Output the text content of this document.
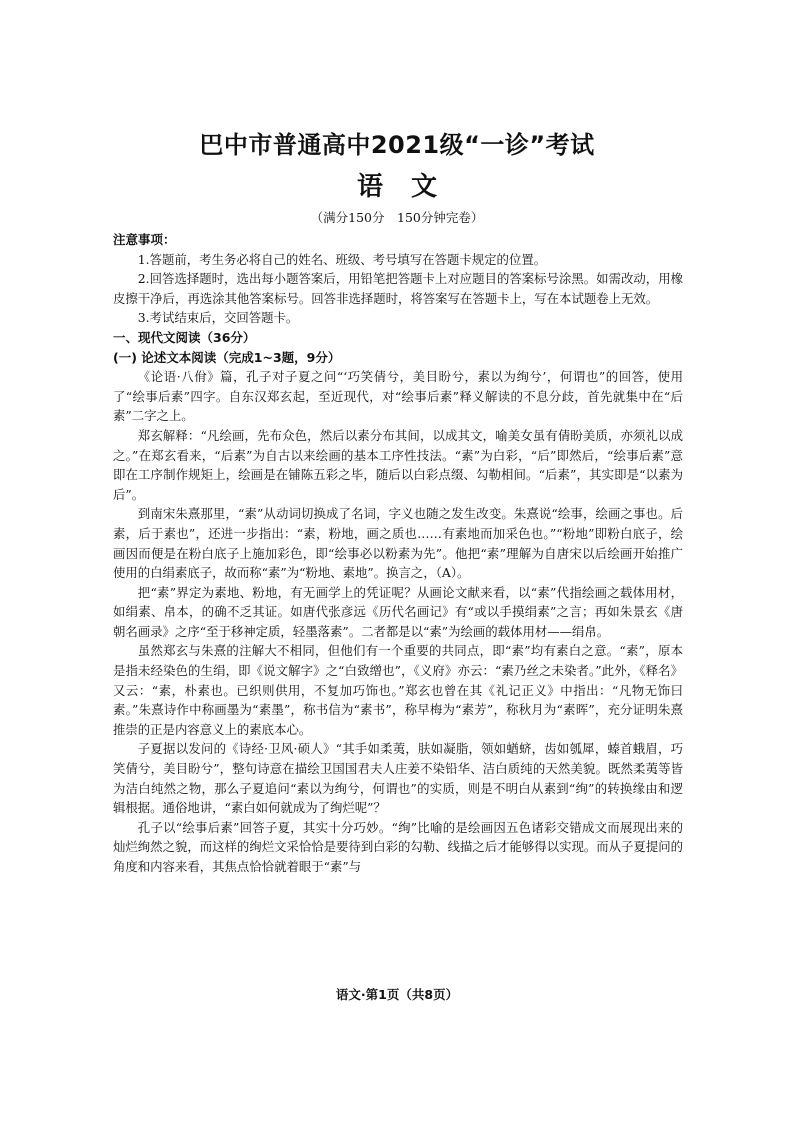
巴中市普通高中2021级“一诊”考试
语文
（满分150分　150分钟完卷）

注意事项：

1.答题前，考生务必将自己的姓名、班级、考号填写在答题卡规定的位置。

2.回答选择题时，选出每小题答案后，用铅笔把答题卡上对应题目的答案标号涂黑。如需改动，用橡皮擦干净后，再选涂其他答案标号。回答非选择题时，将答案写在答题卡上，写在本试题卷上无效。

3.考试结束后，交回答题卡。

一、现代文阅读（36分）

(一) 论述文本阅读（完成1~3题，9分）

《论语·八佾》篇，孔子对子夏之问“‘巧笑倩兮，美目盼兮，素以为绚兮’，何谓也”的回答，使用了“绘事后素”四字。自东汉郑玄起，至近现代，对“绘事后素”释义解读的不息分歧，首先就集中在“后素”二字之上。

郑玄解释：“凡绘画，先布众色，然后以素分布其间，以成其文，喻美女虽有倩盼美质，亦须礼以成之。”在郑玄看来，“后素”为自古以来绘画的基本工序性技法。“素”为白彩，“后”即然后，“绘事后素”意即在工序制作规矩上，绘画是在铺陈五彩之毕，随后以白彩点缀、勾勒相间。“后素”，其实即是“以素为后”。

到南宋朱熹那里，“素”从动词切换成了名词，字义也随之发生改变。朱熹说“绘事，绘画之事也。后素，后于素也”，还进一步指出：“素，粉地，画之质也……有素地而加采色也。”“粉地”即粉白底子，绘画因而便是在粉白底子上施加彩色，即“绘事必以粉素为先”。他把“素”理解为自唐宋以后绘画开始推广使用的白绢素底子，故而称“素”为“粉地、素地”。换言之，（A）。

把“素”界定为素地、粉地，有无画学上的凭证呢？从画论文献来看，以“素”代指绘画之载体用材，如绢素、帛本，的确不乏其证。如唐代张彦远《历代名画记》有“或以手摸绢素”之言；再如朱景玄《唐朝名画录》之序“至于移神定质，轻墨落素”。二者都是以“素”为绘画的载体用材——绢帛。

虽然郑玄与朱熹的注解大不相同，但他们有一个重要的共同点，即“素”均有素白之意。“素”，原本是指未经染色的生绢，即《说文解字》之“白致缯也”，《义府》亦云：“素乃丝之未染者。”此外，《释名》又云：“素，朴素也。已织则供用，不复加巧饰也。”郑玄也曾在其《礼记正义》中指出：“凡物无饰曰素。”朱熹诗作中称画墨为“素墨”，称书信为“素书”，称早梅为“素芳”，称秋月为“素晖”，充分证明朱熹推崇的正是内容意义上的素底本心。

子夏据以发问的《诗经·卫风·硕人》“其手如柔荑，肤如凝脂，领如蝤蛴，齿如瓠犀，螓首蛾眉，巧笑倩兮，美目盼兮”，整句诗意在描绘卫国国君夫人庄姜不染铅华、洁白质纯的天然美貌。既然柔荑等皆为洁白纯然之物，那么子夏追问“素以为绚兮，何谓也”的实质，则是不明白从素到“绚”的转换缘由和逻辑根据。通俗地讲，“素白如何就成为了绚烂呢”？

孔子以“绘事后素”回答子夏，其实十分巧妙。“绚”比喻的是绘画因五色诸彩交错成文而展现出来的灿烂绚然之貌，而这样的绚烂文采恰恰是要待到白彩的勾勒、线描之后才能够得以实现。而从子夏提问的角度和内容来看，其焦点恰恰就着眼于“素”与

语文·第1页（共8页）
